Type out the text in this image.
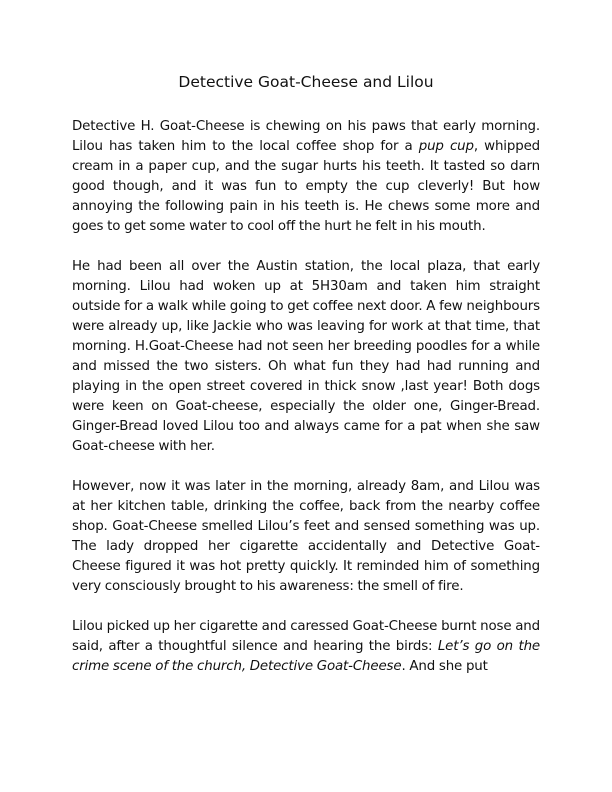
Detective Goat-Cheese and Lilou

Detective H. Goat-Cheese is chewing on his paws that early morning. Lilou has taken him to the local coffee shop for a pup cup, whipped cream in a paper cup, and the sugar hurts his teeth. It tasted so darn good though, and it was fun to empty the cup cleverly! But how annoying the following pain in his teeth is. He chews some more and goes to get some water to cool off the hurt he felt in his mouth.

He had been all over the Austin station, the local plaza, that early morning. Lilou had woken up at 5H30am and taken him straight outside for a walk while going to get coffee next door. A few neighbours were already up, like Jackie who was leaving for work at that time, that morning. H.Goat-Cheese had not seen her breeding poodles for a while and missed the two sisters. Oh what fun they had had running and playing in the open street covered in thick snow ,last year! Both dogs were keen on Goat-cheese, especially the older one, Ginger-Bread. Ginger-Bread loved Lilou too and always came for a pat when she saw Goat-cheese with her.

However, now it was later in the morning, already 8am, and Lilou was at her kitchen table, drinking the coffee, back from the nearby coffee shop. Goat-Cheese smelled Lilou’s feet and sensed something was up. The lady dropped her cigarette accidentally and Detective Goat-Cheese figured it was hot pretty quickly. It reminded him of something very consciously brought to his awareness: the smell of fire.

Lilou picked up her cigarette and caressed Goat-Cheese burnt nose and said, after a thoughtful silence and hearing the birds: Let’s go on the crime scene of the church, Detective Goat-Cheese. And she put
